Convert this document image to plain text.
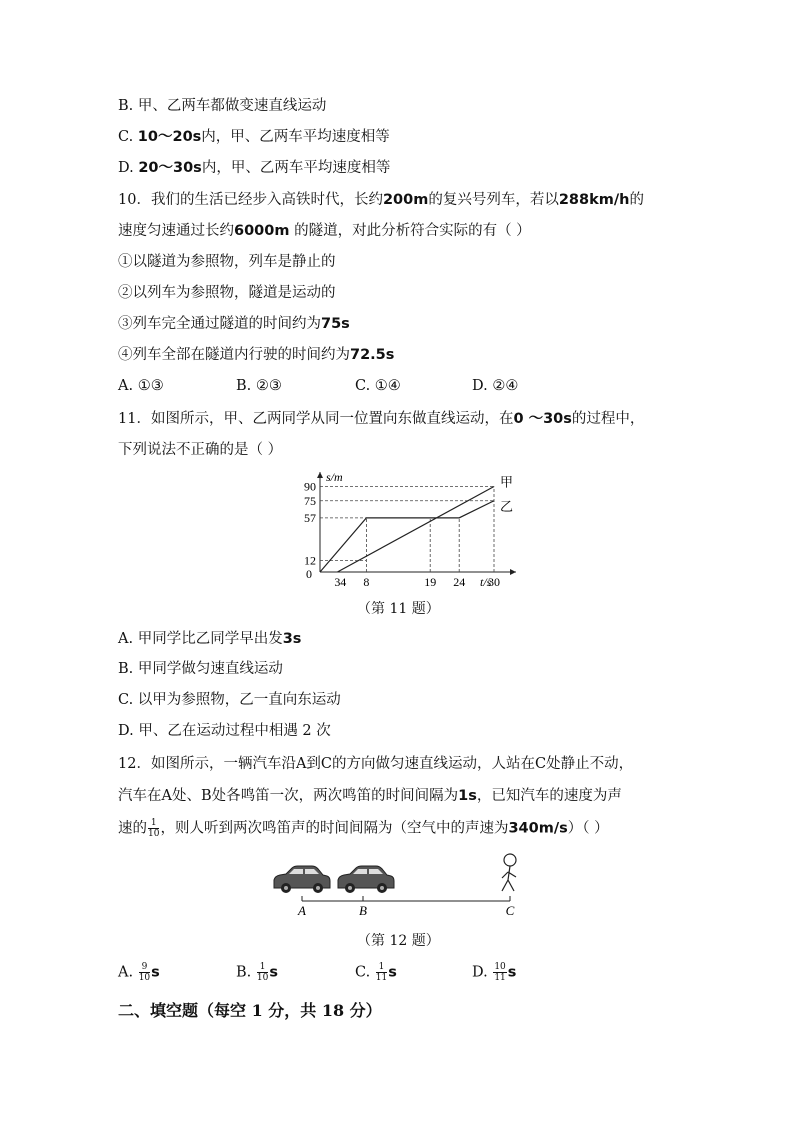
B. 甲、乙两车都做变速直线运动
C. 10～20s内，甲、乙两车平均速度相等
D. 20～30s内，甲、乙两车平均速度相等
10．我们的生活已经步入高铁时代，长约200m的复兴号列车，若以288km/h的
速度匀速通过长约6000m 的隧道，对此分析符合实际的有（ ）
①以隧道为参照物，列车是静止的
②以列车为参照物，隧道是运动的
③列车完全通过隧道的时间约为75s
④列车全部在隧道内行驶的时间约为72.5s
A. ①③	B. ②③	C. ①④	D. ②④
11．如图所示，甲、乙两同学从同一位置向东做直线运动，在0 ～30s的过程中，
下列说法不正确的是（ ）
s/m
t/s
0
12
57
75
90
3 4 8	19 24 30
甲
乙
（第 11 题）
A. 甲同学比乙同学早出发3s
B. 甲同学做匀速直线运动
C. 以甲为参照物，乙一直向东运动
D. 甲、乙在运动过程中相遇 2 次
12．如图所示，一辆汽车沿A到C的方向做匀速直线运动，人站在C处静止不动，
汽车在A处、B处各鸣笛一次，两次鸣笛的时间间隔为1s，已知汽车的速度为声
速的 $\frac{1}{10}$ ，则人听到两次鸣笛声的时间间隔为（空气中的声速为340m/s）（ ）
A	B	C
（第 12 题）
A. $\frac{9}{10}$ s	B. $\frac{1}{10}$ s	C. $\frac{1}{11}$ s	D. $\frac{10}{11}$ s
二、填空题（每空 1 分，共 18 分）
